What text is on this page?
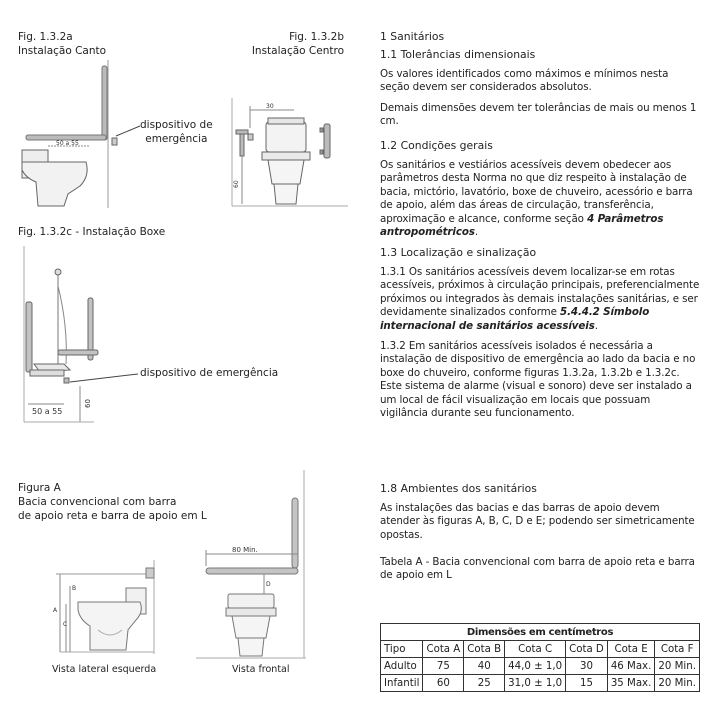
Fig. 1.3.2a
Instalação Canto
Fig. 1.3.2b
Instalação Centro
50 a 55
dispositivo de
emergência
30
60
Fig. 1.3.2c - Instalação Boxe
50 a 55
60
dispositivo de emergência
Figura A
Bacia convencional com barra
de apoio reta e barra de apoio em L
A
B
C
80 Min.
D
Vista lateral esquerda	Vista frontal
1 Sanitários
1.1 Tolerâncias dimensionais
Os valores identificados como máximos e mínimos nesta seção devem ser considerados absolutos.
Demais dimensões devem ter tolerâncias de mais ou menos 1 cm.
1.2 Condições gerais
Os sanitários e vestiários acessíveis devem obedecer aos parâmetros desta Norma no que diz respeito à instalação de bacia, mictório, lavatório, boxe de chuveiro, acessório e barra de apoio, além das áreas de circulação, transferência, aproximação e alcance, conforme seção 4 Parâmetros antropométricos.
1.3 Localização e sinalização
1.3.1 Os sanitários acessíveis devem localizar-se em rotas acessíveis, próximos à circulação principais, preferencialmente próximos ou integrados às demais instalações sanitárias, e ser devidamente sinalizados conforme 5.4.4.2 Símbolo internacional de sanitários acessíveis.
1.3.2 Em sanitários acessíveis isolados é necessária a instalação de dispositivo de emergência ao lado da bacia e no boxe do chuveiro, conforme figuras 1.3.2a, 1.3.2b e 1.3.2c. Este sistema de alarme (visual e sonoro) deve ser instalado a um local de fácil visualização em locais que possuam vigilância durante seu funcionamento.
1.8 Ambientes dos sanitários
As instalações das bacias e das barras de apoio devem atender às figuras A, B, C, D e E; podendo ser simetricamente opostas.
Tabela A - Bacia convencional com barra de apoio reta e barra de apoio em L
Dimensões em centímetros						
Tipo	Cota A	Cota B	Cota C	Cota D	Cota E	Cota F
Adulto	75	40	44,0 ± 1,0	30	46 Max.	20 Min.
Infantil	60	25	31,0 ± 1,0	15	35 Max.	20 Min.
